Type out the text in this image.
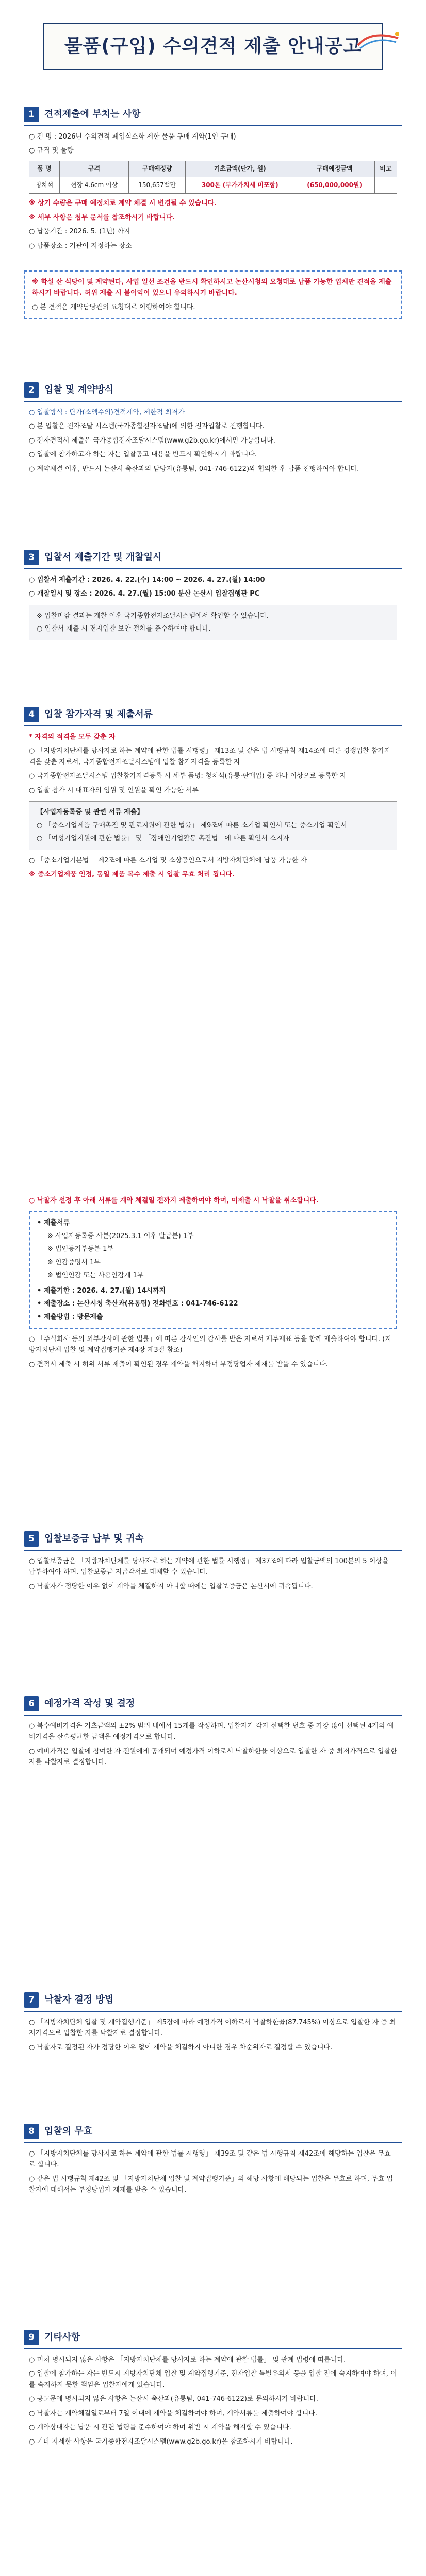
물품(구입) 수의견적 제출 안내공고
1	견적제출에 부치는 사항

○ 건 명 : 2026년 수의견적 폐입식소화 제한 물품 구매 계약(1인 구매)

○ 규격 및 물량

품 명	규격	구매예정량	기초금액(단가, 원)	구매예정금액	비고
청치석	현장 4.6cm 이상	150,657백만	300톤 (부가가치세 미포함)	(650,000,000원)	

※ 상기 수량은 구매 예정치로 계약 체결 시 변경될 수 있습니다.

※ 세부 사항은 첨부 문서를 참조하시기 바랍니다.

○ 납품기간 : 2026. 5. (1년) 까지

○ 납품장소 : 기관이 지정하는 장소

※ 학설 산 식당이 및 계약된다, 사업 일선 조건을 반드시 확인하시고 논산시청의 요청대로 납품 가능한 업체만 견적을 제출하시기 바랍니다. 허위 제출 시 불이익이 있으니 유의하시기 바랍니다.

○ 본 견적은 계약담당관의 요청대로 이행하여야 합니다.

2	입찰 및 계약방식

○ 입찰방식 : 단가(소액수의)견적계약, 제한적 최저가

○ 본 입찰은 전자조달 시스템(국가종합전자조달)에 의한 전자입찰로 진행합니다.

○ 전자견적서 제출은 국가종합전자조달시스템(www.g2b.go.kr)에서만 가능합니다.

○ 입찰에 참가하고자 하는 자는 입찰공고 내용을 반드시 확인하시기 바랍니다.

○ 계약체결 이후, 반드시 논산시 축산과의 담당자(유통팀, 041-746-6122)와 협의한 후 납품 진행하여야 합니다.

3	입찰서 제출기간 및 개찰일시

○ 입찰서 제출기간 : 2026. 4. 22.(수) 14:00 ~ 2026. 4. 27.(월) 14:00

○ 개찰일시 및 장소 : 2026. 4. 27.(월) 15:00 분산 논산시 입찰집행관 PC

※ 입찰마감 결과는 개찰 이후 국가종합전자조달시스템에서 확인할 수 있습니다.

○ 입찰서 제출 시 전자입찰 보안 절차를 준수하여야 합니다.

4	입찰 참가자격 및 제출서류

* 자격의 적격을 모두 갖춘 자

○ 「지방자치단체를 당사자로 하는 계약에 관한 법률 시행령」 제13조 및 같은 법 시행규칙 제14조에 따른 경쟁입찰 참가자격을 갖춘 자로서, 국가종합전자조달시스템에 입찰 참가자격을 등록한 자

○ 국가종합전자조달시스템 입찰참가자격등록 시 세부 품명: 청치석(유통·판매업) 중 하나 이상으로 등록한 자

○ 입찰 참가 시 대표자의 임원 및 인원을 확인 가능한 서류

【사업자등록증 및 관련 서류 제출】

○ 「중소기업제품 구매촉진 및 판로지원에 관한 법률」 제9조에 따른 소기업 확인서 또는 중소기업 확인서

○ 「여성기업지원에 관한 법률」 및 「장애인기업활동 촉진법」에 따른 확인서 소지자

○ 「중소기업기본법」 제2조에 따른 소기업 및 소상공인으로서 지방자치단체에 납품 가능한 자

※ 중소기업제품 인정, 동일 제품 복수 제출 시 입찰 무효 처리 됩니다.

○ 낙찰자 선정 후 아래 서류를 계약 체결일 전까지 제출하여야 하며, 미제출 시 낙찰을 취소합니다.

• 제출서류

※ 사업자등록증 사본(2025.3.1 이후 발급분) 1부

※ 법인등기부등본 1부

※ 인감증명서 1부

※ 법인인감 또는 사용인감계 1부

• 제출기한 : 2026. 4. 27.(월) 14시까지

• 제출장소 : 논산시청 축산과(유통팀) 전화번호 : 041-746-6122

• 제출방법 : 방문제출

○ 「주식회사 등의 외부감사에 관한 법률」에 따른 감사인의 감사를 받은 자로서 재무제표 등을 함께 제출하여야 합니다. (지방자치단체 입찰 및 계약집행기준 제4장 제3절 참조)

○ 견적서 제출 시 허위 서류 제출이 확인된 경우 계약을 해지하며 부정당업자 제재를 받을 수 있습니다.

5	입찰보증금 납부 및 귀속

○ 입찰보증금은 「지방자치단체를 당사자로 하는 계약에 관한 법률 시행령」 제37조에 따라 입찰금액의 100분의 5 이상을 납부하여야 하며, 입찰보증금 지급각서로 대체할 수 있습니다.

○ 낙찰자가 정당한 이유 없이 계약을 체결하지 아니할 때에는 입찰보증금은 논산시에 귀속됩니다.

6	예정가격 작성 및 결정

○ 복수예비가격은 기초금액의 ±2% 범위 내에서 15개를 작성하며, 입찰자가 각자 선택한 번호 중 가장 많이 선택된 4개의 예비가격을 산술평균한 금액을 예정가격으로 합니다.

○ 예비가격은 입찰에 참여한 자 전원에게 공개되며 예정가격 이하로서 낙찰하한율 이상으로 입찰한 자 중 최저가격으로 입찰한 자를 낙찰자로 결정합니다.

7	낙찰자 결정 방법

○ 「지방자치단체 입찰 및 계약집행기준」 제5장에 따라 예정가격 이하로서 낙찰하한율(87.745%) 이상으로 입찰한 자 중 최저가격으로 입찰한 자를 낙찰자로 결정합니다.

○ 낙찰자로 결정된 자가 정당한 이유 없이 계약을 체결하지 아니한 경우 차순위자로 결정할 수 있습니다.

8	입찰의 무효

○ 「지방자치단체를 당사자로 하는 계약에 관한 법률 시행령」 제39조 및 같은 법 시행규칙 제42조에 해당하는 입찰은 무효로 합니다.

○ 같은 법 시행규칙 제42조 및 「지방자치단체 입찰 및 계약집행기준」의 해당 사항에 해당되는 입찰은 무효로 하며, 무효 입찰자에 대해서는 부정당업자 제재를 받을 수 있습니다.

9	기타사항

○ 미처 명시되지 않은 사항은 「지방자치단체를 당사자로 하는 계약에 관한 법률」 및 관계 법령에 따릅니다.

○ 입찰에 참가하는 자는 반드시 지방자치단체 입찰 및 계약집행기준, 전자입찰 특별유의서 등을 입찰 전에 숙지하여야 하며, 이를 숙지하지 못한 책임은 입찰자에게 있습니다.

○ 공고문에 명시되지 않은 사항은 논산시 축산과(유통팀, 041-746-6122)로 문의하시기 바랍니다.

○ 낙찰자는 계약체결일로부터 7일 이내에 계약을 체결하여야 하며, 계약서류를 제출하여야 합니다.

○ 계약상대자는 납품 시 관련 법령을 준수하여야 하며 위반 시 계약을 해지할 수 있습니다.

○ 기타 자세한 사항은 국가종합전자조달시스템(www.g2b.go.kr)을 참조하시기 바랍니다.
